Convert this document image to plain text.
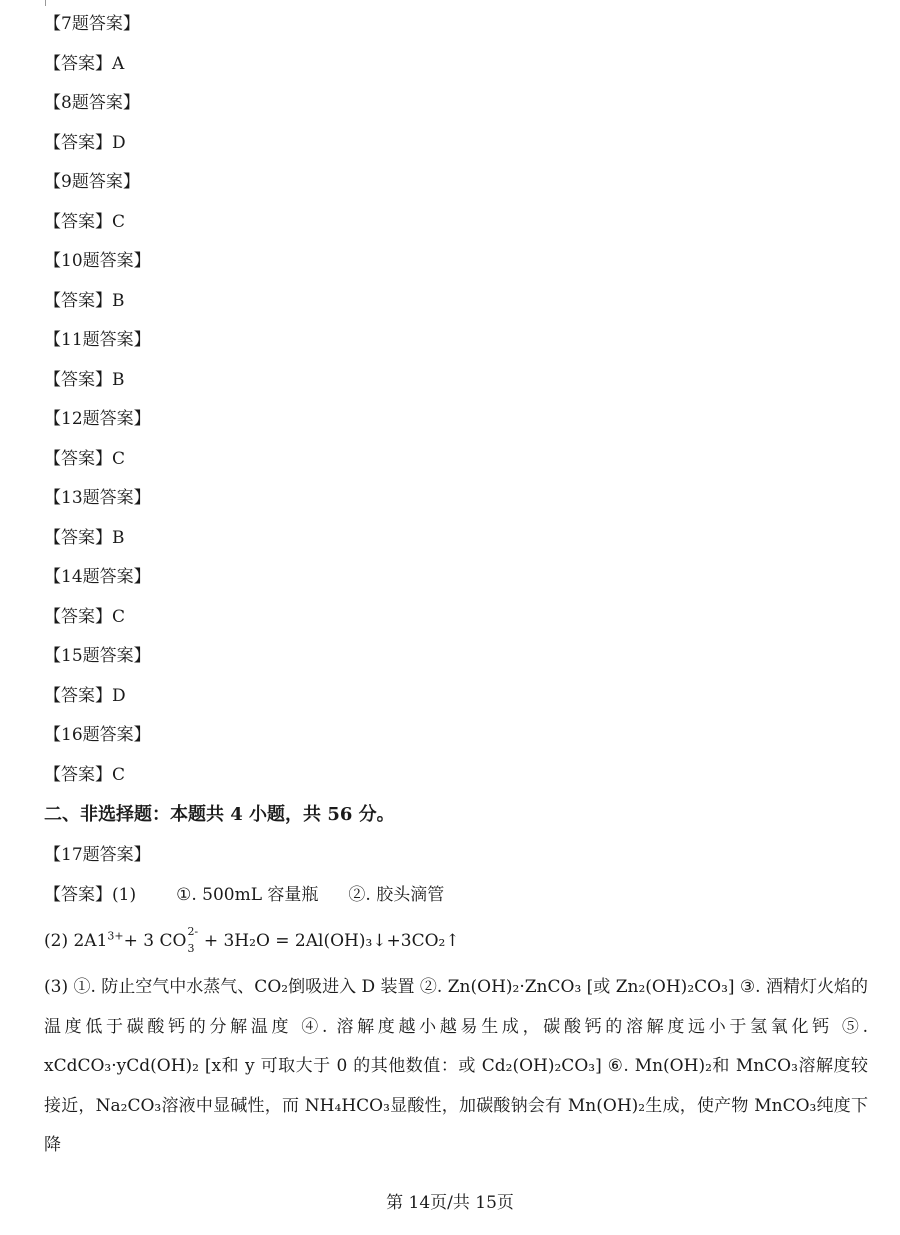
【7题答案】
【答案】A
【8题答案】
【答案】D
【9题答案】
【答案】C
【10题答案】
【答案】B
【11题答案】
【答案】B
【12题答案】
【答案】C
【13题答案】
【答案】B
【14题答案】
【答案】C
【15题答案】
【答案】D
【16题答案】
【答案】C
二、非选择题：本题共 4 小题，共 56 分。
【17题答案】
【答案】(1) ①. 500mL 容量瓶 ②. 胶头滴管
(2) $2A1^{3+}+ 3$ CO 2-
3 + 3H₂O = 2Al(OH)₃↓+3CO₂↑
(3) ①. 防止空气中水蒸气、CO₂倒吸进入 D 装置 ②. Zn(OH)₂·ZnCO₃ [或 Zn₂(OH)₂CO₃] ③. 酒精灯火焰的温度低于碳酸钙的分解温度 ④. 溶解度越小越易生成，碳酸钙的溶解度远小于氢氧化钙 ⑤. xCdCO₃·yCd(OH)₂ [x和 y 可取大于 0 的其他数值：或 Cd₂(OH)₂CO₃] ⑥. Mn(OH)₂和 MnCO₃溶解度较接近，Na₂CO₃溶液中显碱性，而 NH₄HCO₃显酸性，加碳酸钠会有 Mn(OH)₂生成，使产物 MnCO₃纯度下降
第 14页/共 15页
